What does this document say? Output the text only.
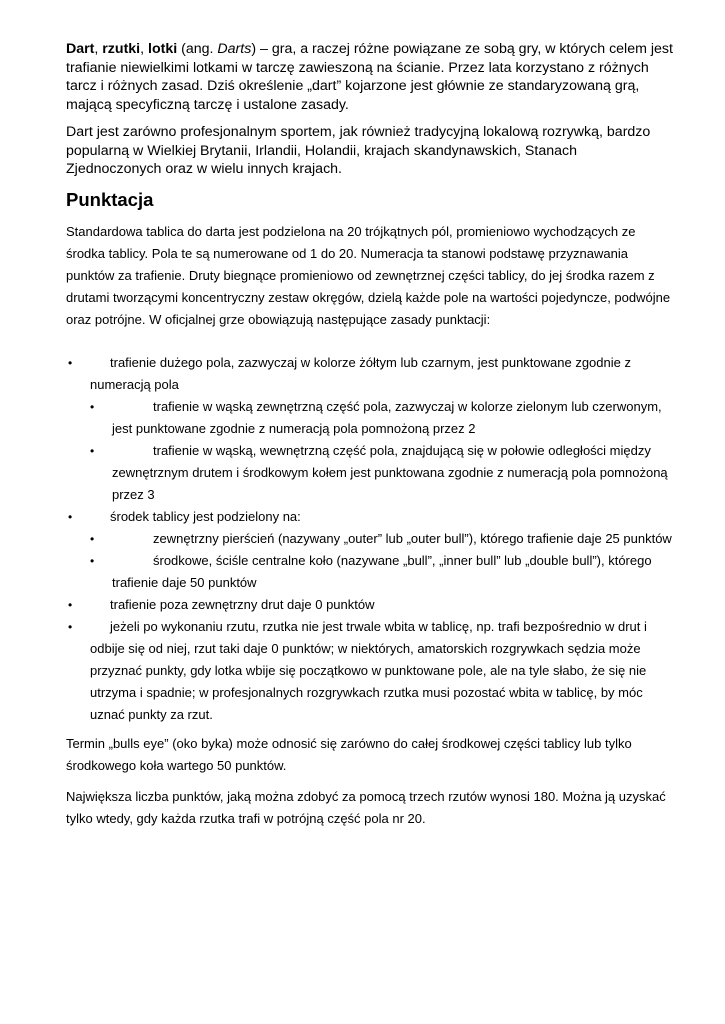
Dart, rzutki, lotki (ang. Darts) – gra, a raczej różne powiązane ze sobą gry, w których celem jest trafianie niewielkimi lotkami w tarczę zawieszoną na ścianie. Przez lata korzystano z różnych tarcz i różnych zasad. Dziś określenie „dart” kojarzone jest głównie ze standaryzowaną grą, mającą specyficzną tarczę i ustalone zasady.

Dart jest zarówno profesjonalnym sportem, jak również tradycyjną lokalową rozrywką, bardzo popularną w Wielkiej Brytanii, Irlandii, Holandii, krajach skandynawskich, Stanach Zjednoczonych oraz w wielu innych krajach.

Punktacja

Standardowa tablica do darta jest podzielona na 20 trójkątnych pól, promieniowo wychodzących ze środka tablicy. Pola te są numerowane od 1 do 20. Numeracja ta stanowi podstawę przyznawania punktów za trafienie. Druty biegnące promieniowo od zewnętrznej części tablicy, do jej środka razem z drutami tworzącymi koncentryczny zestaw okręgów, dzielą każde pole na wartości pojedyncze, podwójne oraz potrójne. W oficjalnej grze obowiązują następujące zasady punktacji:

•	trafienie dużego pola, zazwyczaj w kolorze żółtym lub czarnym, jest punktowane zgodnie z numeracją pola
•	trafienie w wąską zewnętrzną część pola, zazwyczaj w kolorze zielonym lub czerwonym, jest punktowane zgodnie z numeracją pola pomnożoną przez 2
•	trafienie w wąską, wewnętrzną część pola, znajdującą się w połowie odległości między zewnętrznym drutem i środkowym kołem jest punktowana zgodnie z numeracją pola pomnożoną przez 3
•	środek tablicy jest podzielony na:
•	zewnętrzny pierścień (nazywany „outer” lub „outer bull”), którego trafienie daje 25 punktów
•	środkowe, ściśle centralne koło (nazywane „bull”, „inner bull” lub „double bull”), którego trafienie daje 50 punktów
•	trafienie poza zewnętrzny drut daje 0 punktów
•	jeżeli po wykonaniu rzutu, rzutka nie jest trwale wbita w tablicę, np. trafi bezpośrednio w drut i odbije się od niej, rzut taki daje 0 punktów; w niektórych, amatorskich rozgrywkach sędzia może przyznać punkty, gdy lotka wbije się początkowo w punktowane pole, ale na tyle słabo, że się nie utrzyma i spadnie; w profesjonalnych rozgrywkach rzutka musi pozostać wbita w tablicę, by móc uznać punkty za rzut.

Termin „bulls eye” (oko byka) może odnosić się zarówno do całej środkowej części tablicy lub tylko środkowego koła wartego 50 punktów.

Największa liczba punktów, jaką można zdobyć za pomocą trzech rzutów wynosi 180. Można ją uzyskać tylko wtedy, gdy każda rzutka trafi w potrójną część pola nr 20.
